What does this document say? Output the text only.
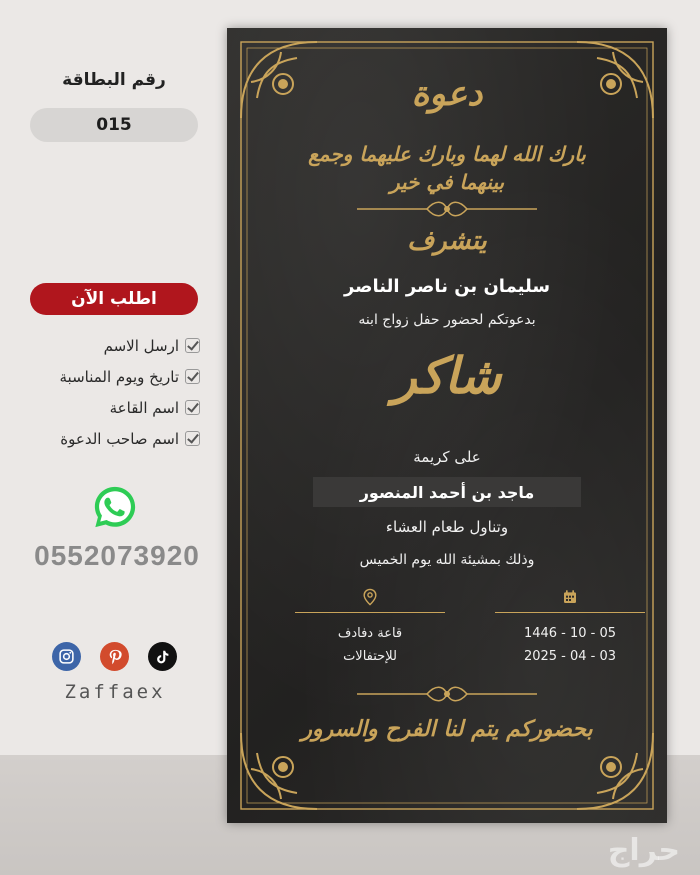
رقم البطاقة
015
اطلب الآن
ارسل الاسم
تاريخ ويوم المناسبة
اسم القاعة
اسم صاحب الدعوة
0552073920
Zaffaex
دعوة
بارك الله لهما وبارك عليهما وجمع بينهما في خير
يتشرف
سليمان بن ناصر الناصر
بدعوتكم لحضور حفل زواج ابنه
شاكر
على كريمة
ماجد بن أحمد المنصور
وتناول طعام العشاء
وذلك بمشيئة الله يوم الخميس
1446 - 10 - 05
2025 - 04 - 03
قاعة دفادف
للإحتفالات
بحضوركم يتم لنا الفرح والسرور
حراج
